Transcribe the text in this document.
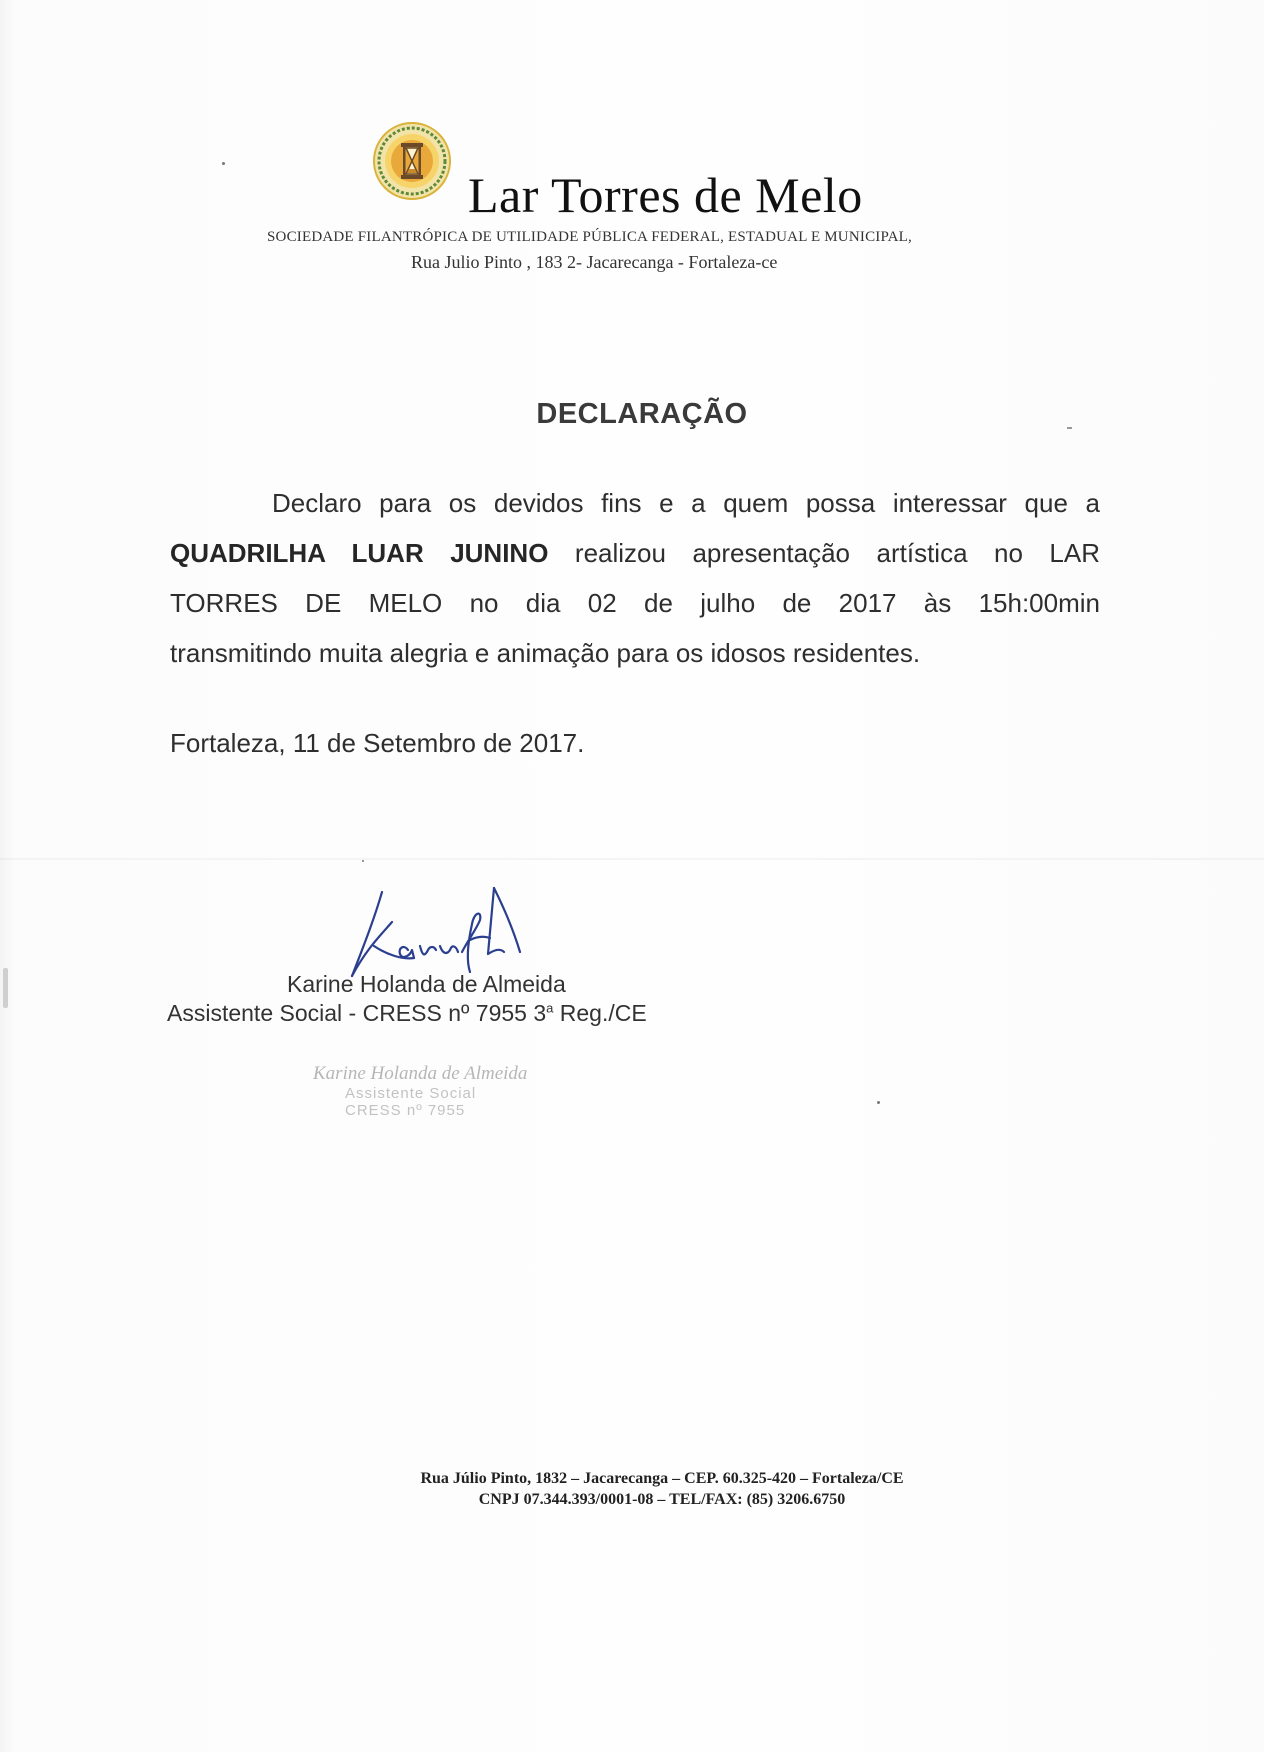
Lar Torres de Melo
SOCIEDADE FILANTRÓPICA DE UTILIDADE PÚBLICA FEDERAL, ESTADUAL E MUNICIPAL,
Rua Julio Pinto , 183 2- Jacarecanga - Fortaleza-ce
DECLARAÇÃO
Declaro para os devidos fins e a quem possa interessar que a
QUADRILHA LUAR JUNINO realizou apresentação artística no LAR
TORRES DE MELO no dia 02 de julho de 2017 às 15h:00min
transmitindo muita alegria e animação para os idosos residentes.
Fortaleza, 11 de Setembro de 2017.
Karine Holanda de Almeida
Assistente Social - CRESS nº 7955 3$^a$ Reg./CE
Karine Holanda de Almeida
Assistente Social
CRESS nº 7955
Rua Júlio Pinto, 1832 – Jacarecanga – CEP. 60.325-420 – Fortaleza/CE
CNPJ 07.344.393/0001-08 – TEL/FAX: (85) 3206.6750
